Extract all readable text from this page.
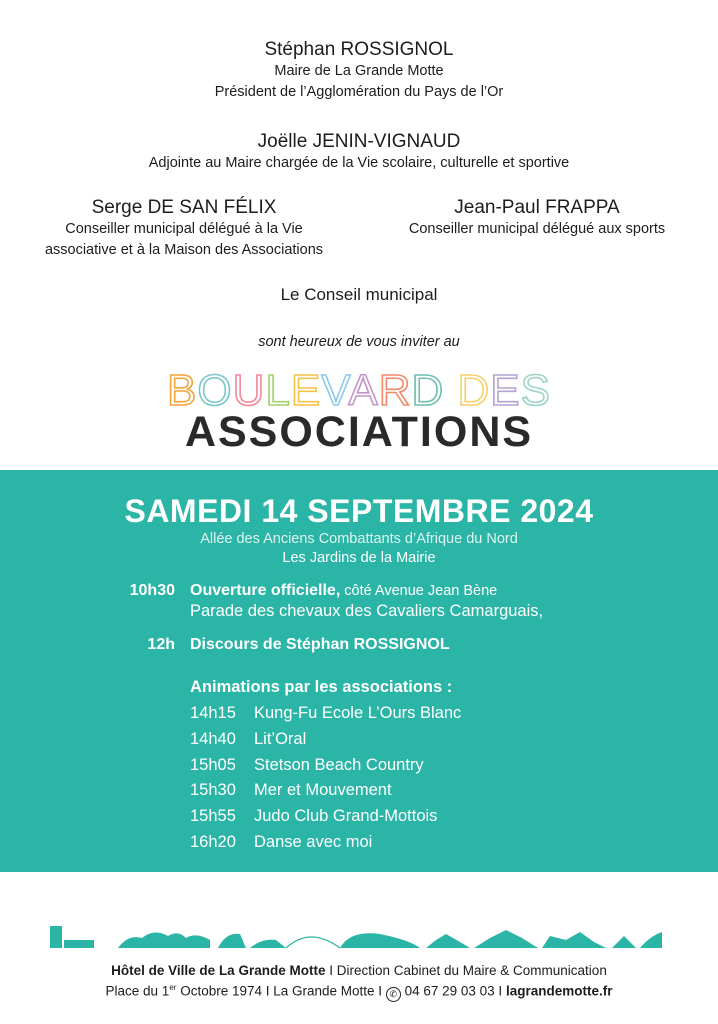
Stéphan ROSSIGNOL
Maire de La Grande Motte
Président de l’Agglomération du Pays de l’Or
Joëlle JENIN-VIGNAUD
Adjointe au Maire chargée de la Vie scolaire, culturelle et sportive
Serge DE SAN FÉLIX
Conseiller municipal délégué à la Vie
associative et à la Maison des Associations
Jean-Paul FRAPPA
Conseiller municipal délégué aux sports
Le Conseil municipal
sont heureux de vous inviter au
BOULEVARD DES
ASSOCIATIONS
SAMEDI 14 SEPTEMBRE 2024
Allée des Anciens Combattants d’Afrique du Nord
Les Jardins de la Mairie
10h30 Ouverture officielle, côté Avenue Jean Bène
Parade des chevaux des Cavaliers Camarguais,
12h Discours de Stéphan ROSSIGNOL
Animations par les associations :
14h15 Kung-Fu Ecole L’Ours Blanc
14h40 Lit’Oral
15h05 Stetson Beach Country
15h30 Mer et Mouvement
15h55 Judo Club Grand-Mottois
16h20 Danse avec moi
Hôtel de Ville de La Grande Motte I Direction Cabinet du Maire & Communication
Place du 1er Octobre 1974 I La Grande Motte I ✆ 04 67 29 03 03 I lagrandemotte.fr
